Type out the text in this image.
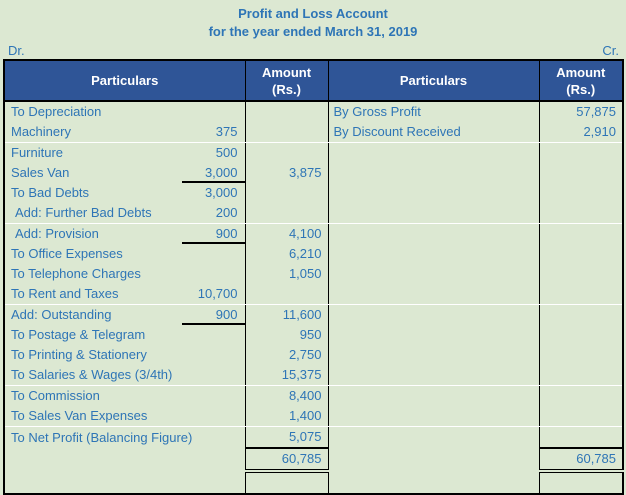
Profit and Loss Account
for the year ended March 31, 2019
Dr.	Cr.
Particulars	
Amount
(Rs.)
	Particulars	
Amount
(Rs.)

To Depreciation		By Gross Profit	57,875

Machinery 375		By Discount Received	2,910

Furniture 500			

Sales Van 3,000	3,875		

To Bad Debts 3,000			

Add: Further Bad Debts 200			

Add: Provision 900	4,100		

To Office Expenses	6,210		

To Telephone Charges	1,050		

To Rent and Taxes 10,700			

Add: Outstanding 900	11,600		

To Postage & Telegram	950		

To Printing & Stationery	2,750		

To Salaries & Wages (3/4th)	15,375		

To Commission	8,400		

To Sales Van Expenses	1,400		

To Net Profit (Balancing Figure)	5,075		

	60,785		60,785
